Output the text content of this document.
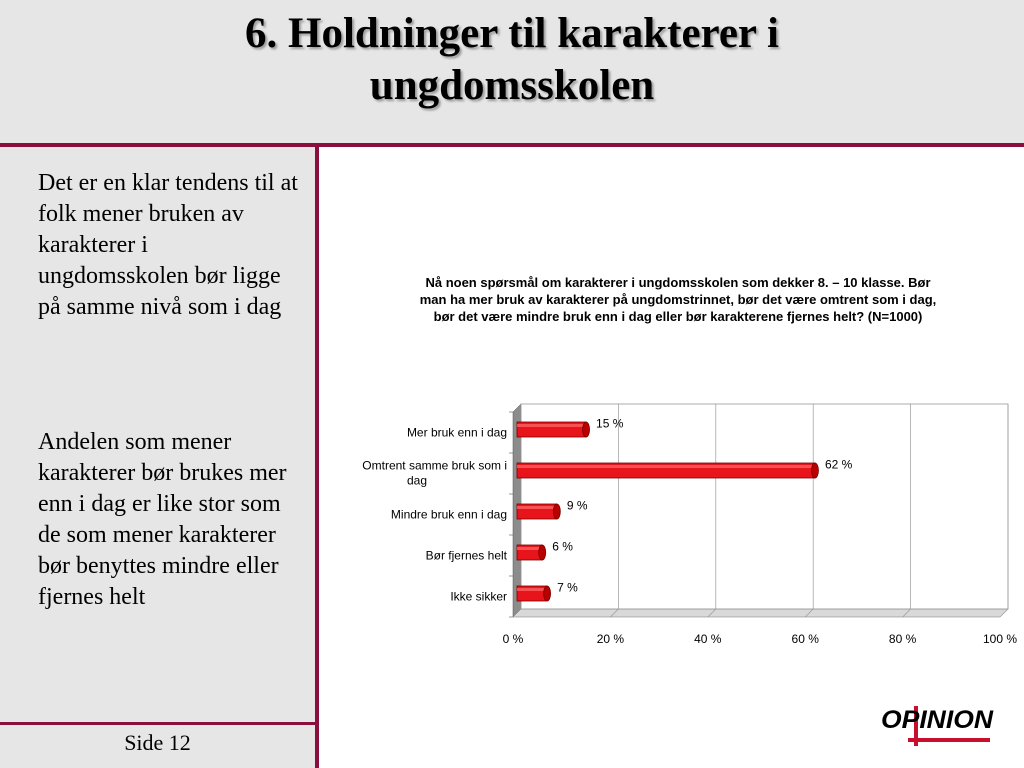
6. Holdninger til karakterer i
ungdomsskolen

Det er en klar tendens til at folk mener bruken av karakterer i ungdomsskolen bør ligge på samme nivå som i dag

Andelen som mener karakterer bør brukes mer enn i dag er like stor som de som mener karakterer bør benyttes mindre eller fjernes helt

Side 12

Nå noen spørsmål om karakterer i ungdomsskolen som dekker 8. – 10 klasse. Bør man ha mer bruk av karakterer på ungdomstrinnet, bør det være omtrent som i dag, bør det være mindre bruk enn i dag eller bør karakterene fjernes helt? (N=1000)

15 %
Mer bruk enn i dag
62 %
Omtrent samme bruk som i
dag
9 %
Mindre bruk enn i dag
6 %
Bør fjernes helt
7 %
Ikke sikker
0 %	20 %	40 %	60 %	80 %	100 %
OPINION
